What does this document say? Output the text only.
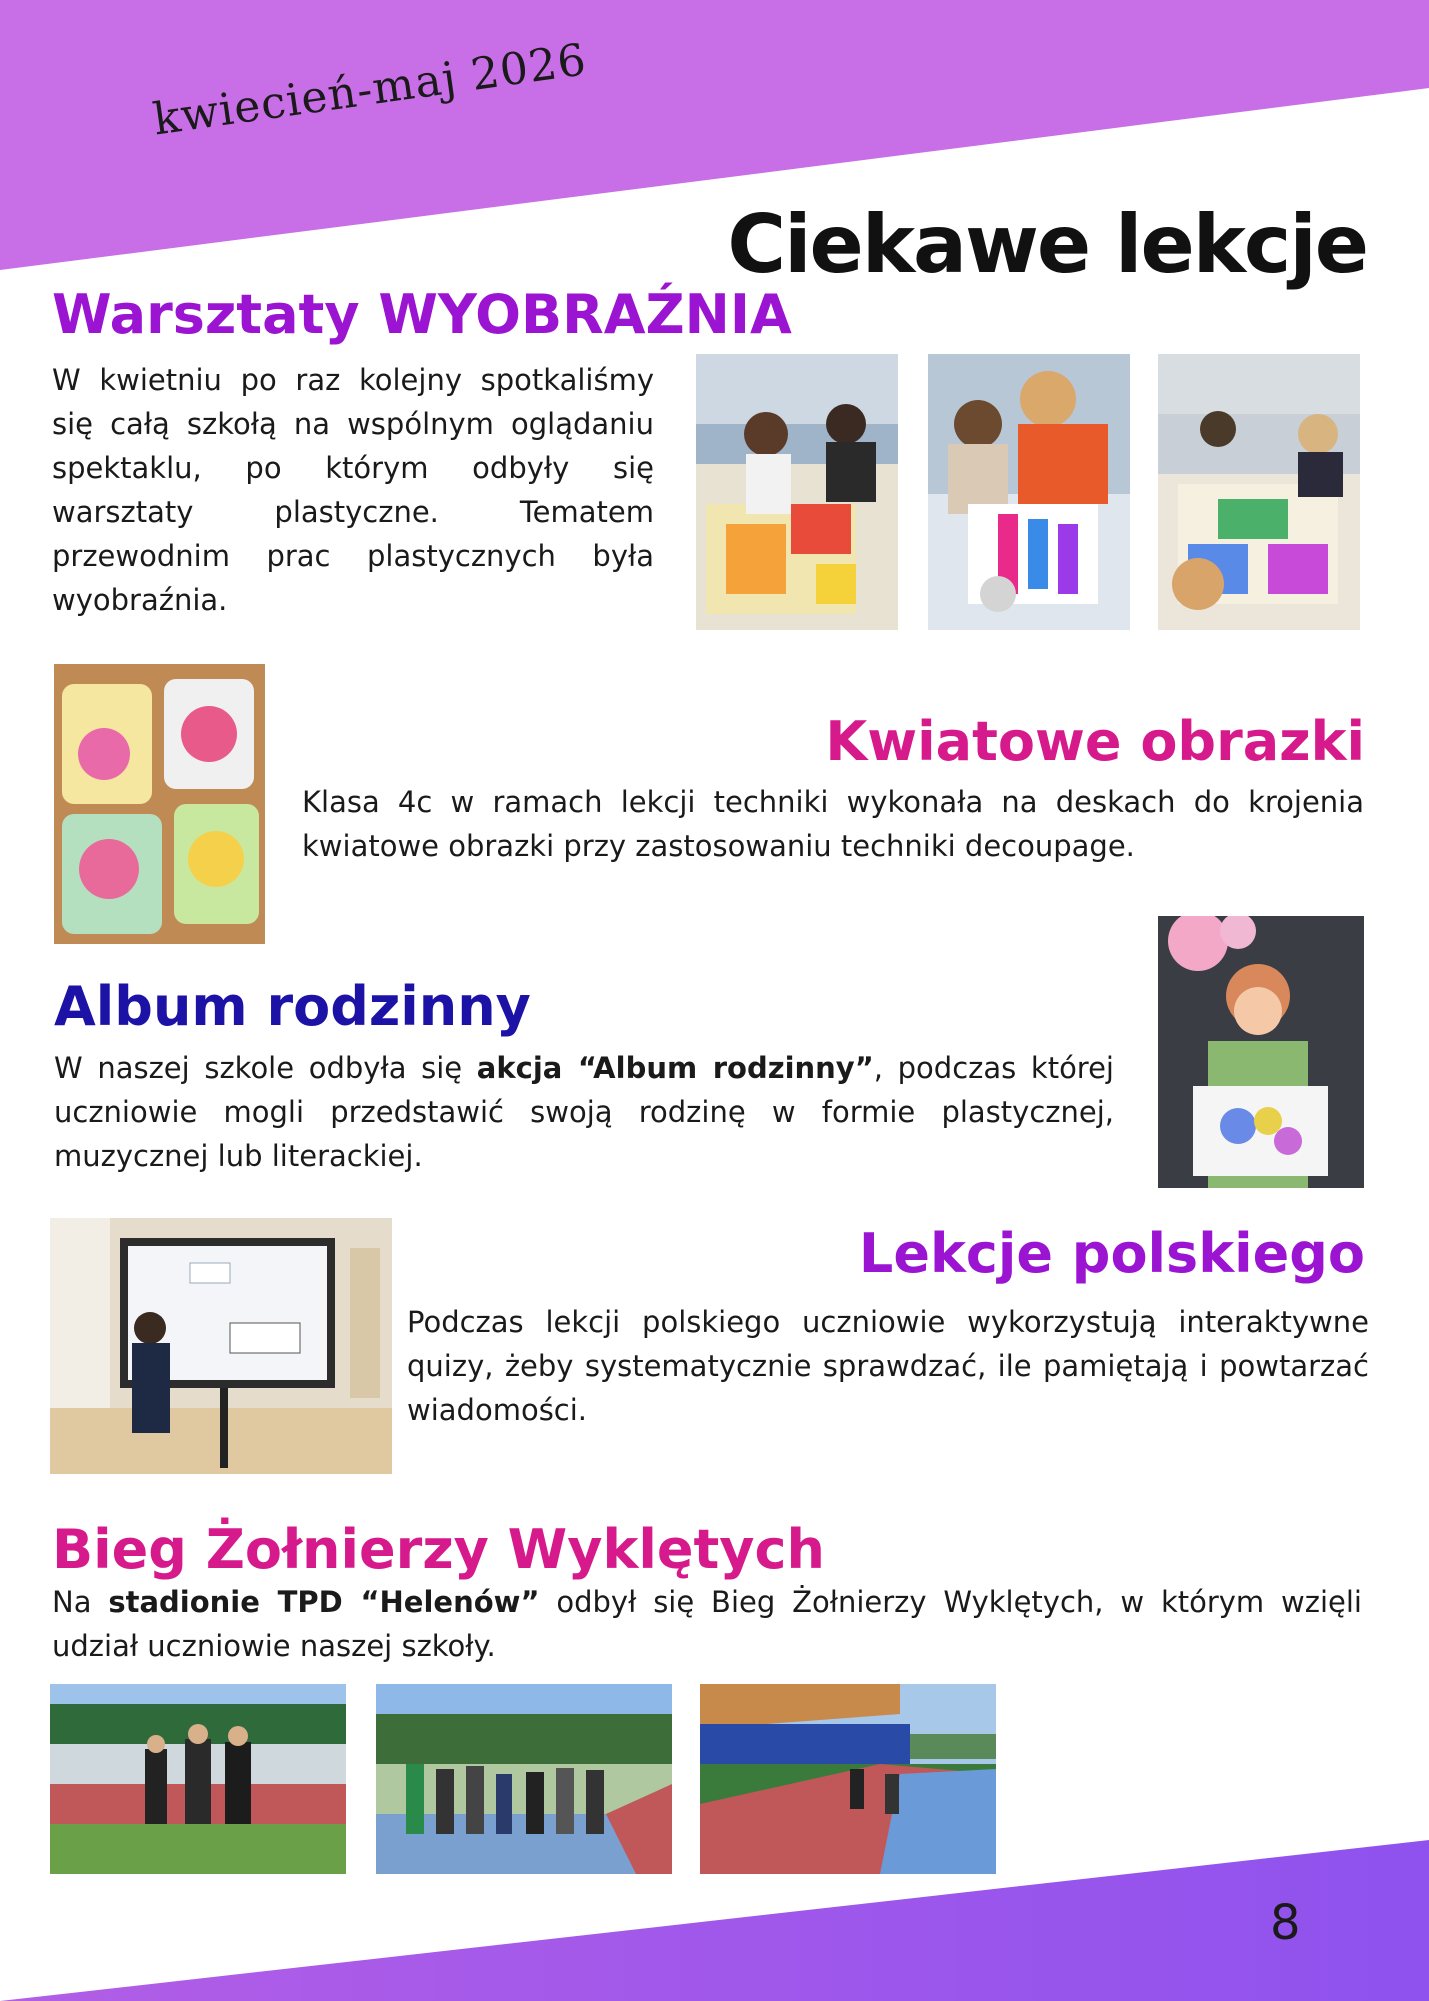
kwiecień-maj 2026
Ciekawe lekcje
Warsztaty WYOBRAŹNIA

W kwietniu po raz kolejny spotkaliśmy się całą szkołą na wspólnym oglądaniu spektaklu, po którym odbyły się warsztaty plastyczne. Tematem przewodnim prac plastycznych była wyobraźnia.

Kwiatowe obrazki

Klasa 4c w ramach lekcji techniki wykonała na deskach do krojenia kwiatowe obrazki przy zastosowaniu techniki decoupage.

Album rodzinny

W naszej szkole odbyła się akcja “Album rodzinny”, podczas której uczniowie mogli przedstawić swoją rodzinę w formie plastycznej, muzycznej lub literackiej.

Lekcje polskiego

Podczas lekcji polskiego uczniowie wykorzystują interaktywne quizy, żeby systematycznie sprawdzać, ile pamiętają i powtarzać wiadomości.

Bieg Żołnierzy Wyklętych

Na stadionie TPD “Helenów” odbył się Bieg Żołnierzy Wyklętych, w którym wzięli udział uczniowie naszej szkoły.

8
